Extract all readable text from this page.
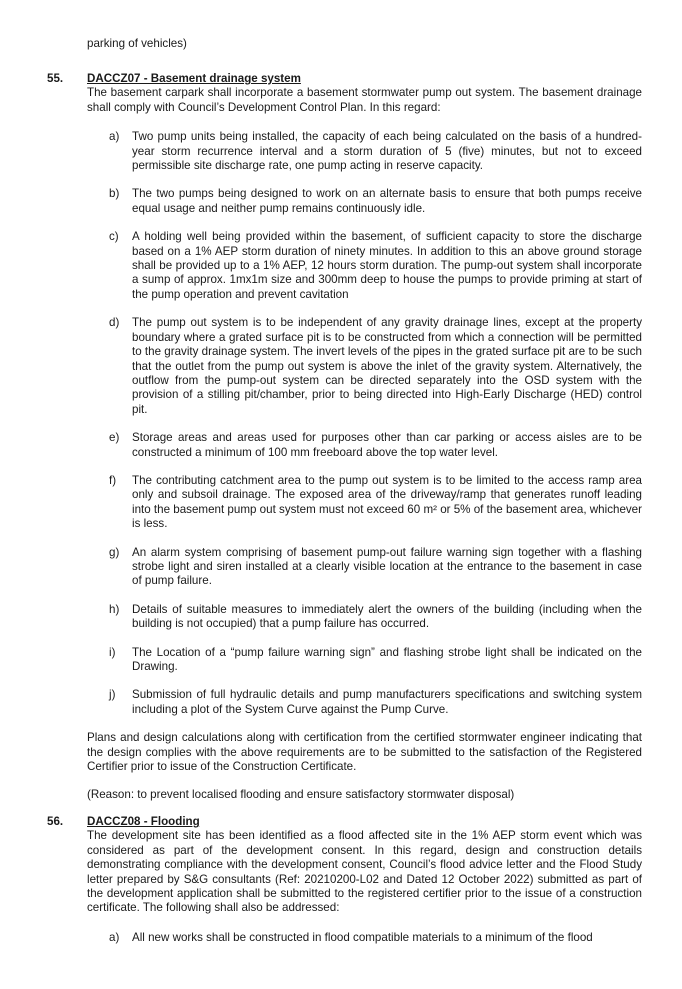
parking of vehicles)
55. DACCZ07 - Basement drainage system

The basement carpark shall incorporate a basement stormwater pump out system. The basement drainage shall comply with Council’s Development Control Plan. In this regard:

a) Two pump units being installed, the capacity of each being calculated on the basis of a hundred-year storm recurrence interval and a storm duration of 5 (five) minutes, but not to exceed permissible site discharge rate, one pump acting in reserve capacity.

b) The two pumps being designed to work on an alternate basis to ensure that both pumps receive equal usage and neither pump remains continuously idle.

c) A holding well being provided within the basement, of sufficient capacity to store the discharge based on a 1% AEP storm duration of ninety minutes. In addition to this an above ground storage shall be provided up to a 1% AEP, 12 hours storm duration. The pump-out system shall incorporate a sump of approx. 1mx1m size and 300mm deep to house the pumps to provide priming at start of the pump operation and prevent cavitation

d) The pump out system is to be independent of any gravity drainage lines, except at the property boundary where a grated surface pit is to be constructed from which a connection will be permitted to the gravity drainage system. The invert levels of the pipes in the grated surface pit are to be such that the outlet from the pump out system is above the inlet of the gravity system. Alternatively, the outflow from the pump-out system can be directed separately into the OSD system with the provision of a stilling pit/chamber, prior to being directed into High-Early Discharge (HED) control pit.

e) Storage areas and areas used for purposes other than car parking or access aisles are to be constructed a minimum of 100 mm freeboard above the top water level.

f) The contributing catchment area to the pump out system is to be limited to the access ramp area only and subsoil drainage. The exposed area of the driveway/ramp that generates runoff leading into the basement pump out system must not exceed 60 m² or 5% of the basement area, whichever is less.

g) An alarm system comprising of basement pump-out failure warning sign together with a flashing strobe light and siren installed at a clearly visible location at the entrance to the basement in case of pump failure.

h) Details of suitable measures to immediately alert the owners of the building (including when the building is not occupied) that a pump failure has occurred.

i) The Location of a “pump failure warning sign” and flashing strobe light shall be indicated on the Drawing.

j) Submission of full hydraulic details and pump manufacturers specifications and switching system including a plot of the System Curve against the Pump Curve.

Plans and design calculations along with certification from the certified stormwater engineer indicating that the design complies with the above requirements are to be submitted to the satisfaction of the Registered Certifier prior to issue of the Construction Certificate.

(Reason: to prevent localised flooding and ensure satisfactory stormwater disposal)

56. DACCZ08 - Flooding

The development site has been identified as a flood affected site in the 1% AEP storm event which was considered as part of the development consent. In this regard, design and construction details demonstrating compliance with the development consent, Council’s flood advice letter and the Flood Study letter prepared by S&G consultants (Ref: 20210200-L02 and Dated 12 October 2022) submitted as part of the development application shall be submitted to the registered certifier prior to the issue of a construction certificate. The following shall also be addressed:

a) All new works shall be constructed in flood compatible materials to a minimum of the flood
